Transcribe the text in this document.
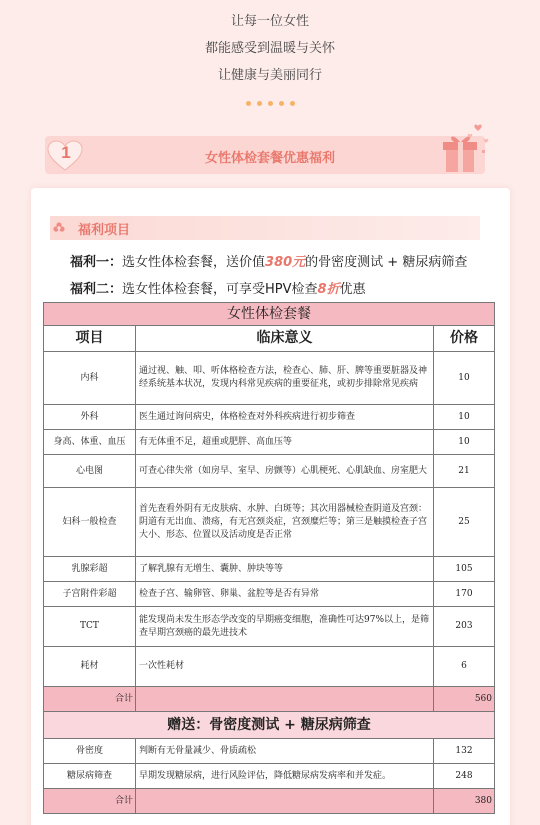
让每一位女性
都能感受到温暖与关怀
让健康与美丽同行
1	女性体检套餐优惠福利
福利项目
福利一：选女性体检套餐，送价值380元的骨密度测试 + 糖尿病筛查
福利二：选女性体检套餐，可享受HPV检查8折优惠
女性体检套餐		
项目	临床意义	价格
内科	通过视、触、叩、听体格检查方法，检查心、肺、肝、脾等重要脏器及神经系统基本状况，发现内科常见疾病的重要征兆，或初步排除常见疾病	10
外科	医生通过询问病史，体格检查对外科疾病进行初步筛查	10
身高、体重、血压	有无体重不足，超重或肥胖、高血压等	10
心电图	可查心律失常（如房早、室早、房颤等）心肌梗死、心肌缺血、房室肥大	21
妇科一般检查	首先查看外阴有无皮肤病、水肿、白斑等；其次用器械检查阴道及宫颈：阴道有无出血、溃疡，有无宫颈炎症，宫颈糜烂等；第三是触摸检查子宫大小、形态、位置以及活动度是否正常	25
乳腺彩超	了解乳腺有无增生、囊肿、肿块等等	105
子宫附件彩超	检查子宫、输卵管、卵巢、盆腔等是否有异常	170
TCT	能发现尚未发生形态学改变的早期癌变细胞，准确性可达97%以上，是筛查早期宫颈癌的最先进技术	203
耗材	一次性耗材	6
合计		560
赠送：骨密度测试 + 糖尿病筛查		
骨密度	判断有无骨量减少、骨质疏松	132
糖尿病筛查	早期发现糖尿病，进行风险评估，降低糖尿病发病率和并发症。	248
合计		380
